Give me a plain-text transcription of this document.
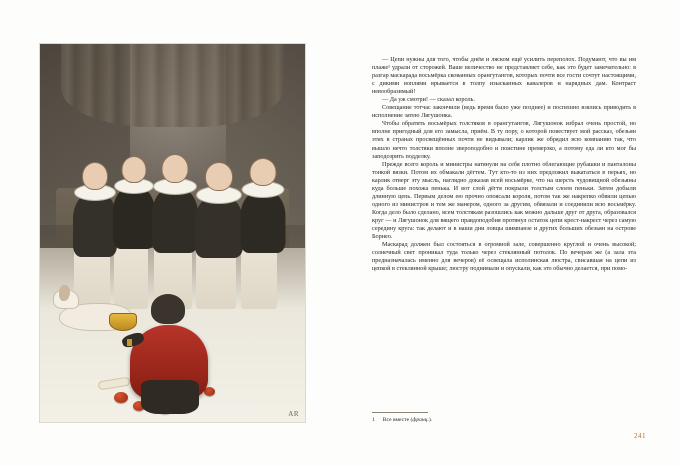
AR

— Цепи нужны для того, чтобы днём и ляском ещё усилить переполох. Подумают, что вы им плаже¹ удрали от сторожей. Ваше величество не представляет себе, как это будет замечательно: в разгар маскарада восьмёрка скованных орангутангов, которых почти все гости сочтут настоящими, с дикими воплями врывается в толпу изысканных кавалеров и нарядных дам. Контраст невообразимый!

— Да уж смотри! — сказал король.

Совещание тотчас закончили (ведь время было уже позднее) и поспешно взялись приводить в исполнение затею Лягушонка.

Чтобы обратить восьмёрых толстяков в орангутангов, Лягушонок избрал очень простой, но вполне пригодный для его замысла, приём. В ту пору, о которой повествует мой рассказ, обезьян этих в странах просвещённых почти не видывали; карлик же обрядил всю компанию так, что вышло нечто толстяки вполне звероподобно и поистине премерзко, а потому еда ли кто мог бы заподозрить подделку.

Прежде всего король и министры натянули на себя плотно облегающие рубашки и панталоны тонкой вязки. Потом их обмакали дёгтем. Тут кто-то из них предложил выкататься в перьях, но карлик отверг эту мысль, наглядно доказав всей восьмёрке, что на шерсть чудовищной обезьяны куда больше похожа пенька. И вот слой дёгтя покрыли толстым слоем пеньки. Затем добыли длинную цепь. Первым делом ею прочно опоясали короля, потом так же накрепко обвили цепью одного из министров и тем же манером, одного за другим, обвязали и соединили всю восьмёрку. Когда дело было сделано, всем толстякам разошлись как можно дальше друг от друга, образовался круг — и Лягушонок для вящего правдоподобия протянул остаток цепи крест-накрест через самую середину круга: так делают и в наши дни ловцы шимпанзе и других больших обезьян на острове Борнео.

Маскарад должен был состояться в огромной зале, совершенно круглой и очень высокой; солнечный свет проникал туда только через стеклянный потолок. По вечерам же (а зала эта предназначалась именно для вечеров) её освещала исполинская люстра, свисавшая на цепи из цепкой в стеклянной крыше; люстру поднимали и опускали, как это обычно делается, при помо-

1 Все вместе (франц.).
241
